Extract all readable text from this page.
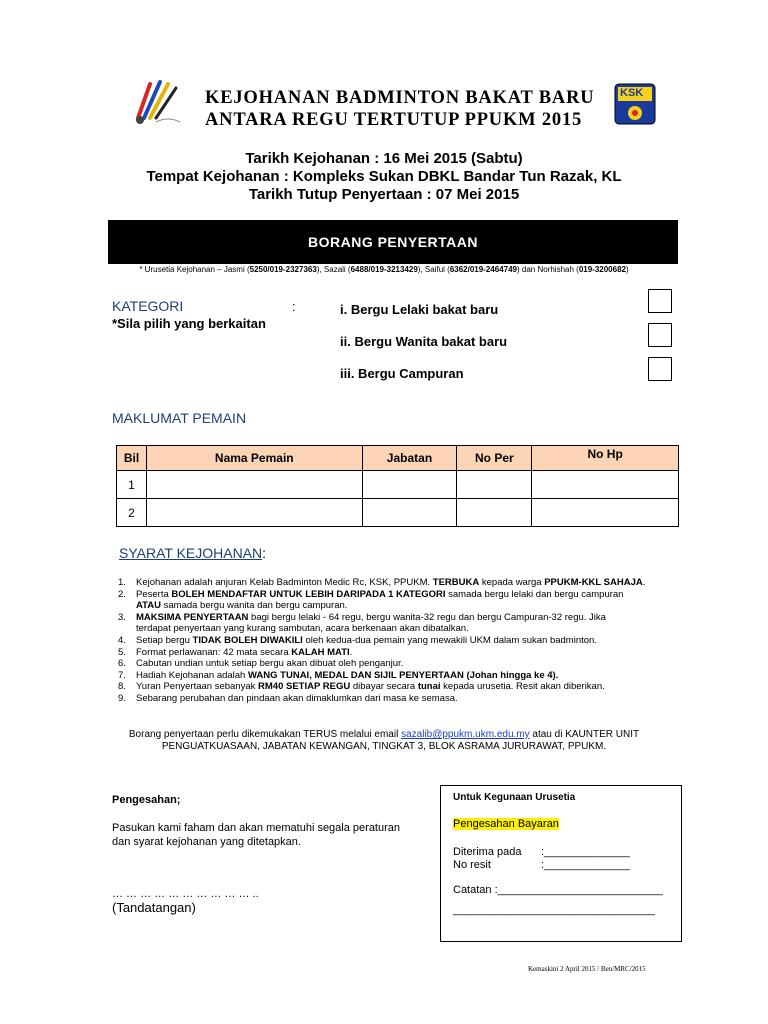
KEJOHANAN BADMINTON BAKAT BARU
ANTARA REGU TERTUTUP PPUKM 2015
KSK
Tarikh Kejohanan : 16 Mei 2015 (Sabtu)
Tempat Kejohanan : Kompleks Sukan DBKL Bandar Tun Razak, KL
Tarikh Tutup Penyertaan : 07 Mei 2015
BORANG PENYERTAAN
* Urusetia Kejohanan – Jasmi (5250/019-2327363), Sazali (6488/019-3213429), Saiful (6362/019-2464749) dan Norhishah (019-3200682)
KATEGORI	:
*Sila pilih yang berkaitan
i. Bergu Lelaki bakat baru
ii. Bergu Wanita bakat baru
iii. Bergu Campuran
MAKLUMAT PEMAIN
Bil	Nama Pemain	Jabatan	No Per	No Hp
1				
2				
SYARAT KEJOHANAN:
1. Kejohanan adalah anjuran Kelab Badminton Medic Rc, KSK, PPUKM. TERBUKA kepada warga PPUKM-KKL SAHAJA.
2. Peserta BOLEH MENDAFTAR UNTUK LEBIH DARIPADA 1 KATEGORI samada bergu lelaki dan bergu campuran
ATAU samada bergu wanita dan bergu campuran.
3. MAKSIMA PENYERTAAN bagi bergu lelaki - 64 regu, bergu wanita-32 regu dan bergu Campuran-32 regu. Jika
terdapat penyertaan yang kurang sambutan, acara berkenaan akan dibatalkan.
4. Setiap bergu TIDAK BOLEH DIWAKILI oleh kedua-dua pemain yang mewakili UKM dalam sukan badminton.
5. Format perlawanan: 42 mata secara KALAH MATI.
6. Cabutan undian untuk setiap bergu akan dibuat oleh penganjur.
7. Hadiah Kejohanan adalah WANG TUNAI, MEDAL DAN SIJIL PENYERTAAN (Johan hingga ke 4).
8. Yuran Penyertaan sebanyak RM40 SETIAP REGU dibayar secara tunai kepada urusetia. Resit akan diberikan.
9. Sebarang perubahan dan pindaan akan dimaklumkan dari masa ke semasa.
Borang penyertaan perlu dikemukakan TERUS melalui email sazalib@ppukm.ukm.edu.my atau di KAUNTER UNIT
PENGUATKUASAAN, JABATAN KEWANGAN, TINGKAT 3, BLOK ASRAMA JURURAWAT, PPUKM.
Pengesahan;
Pasukan kami faham dan akan mematuhi segala peraturan
dan syarat kejohanan yang ditetapkan.
… … … … … … … … … … ..
(Tandatangan)
Untuk Kegunaan Urusetia
Pengesahan Bayaran
Diterima pada :______________
No resit	:______________
Catatan :___________________________
_________________________________
Kemaskini 2 April 2015 / Ben/MRC/2015
